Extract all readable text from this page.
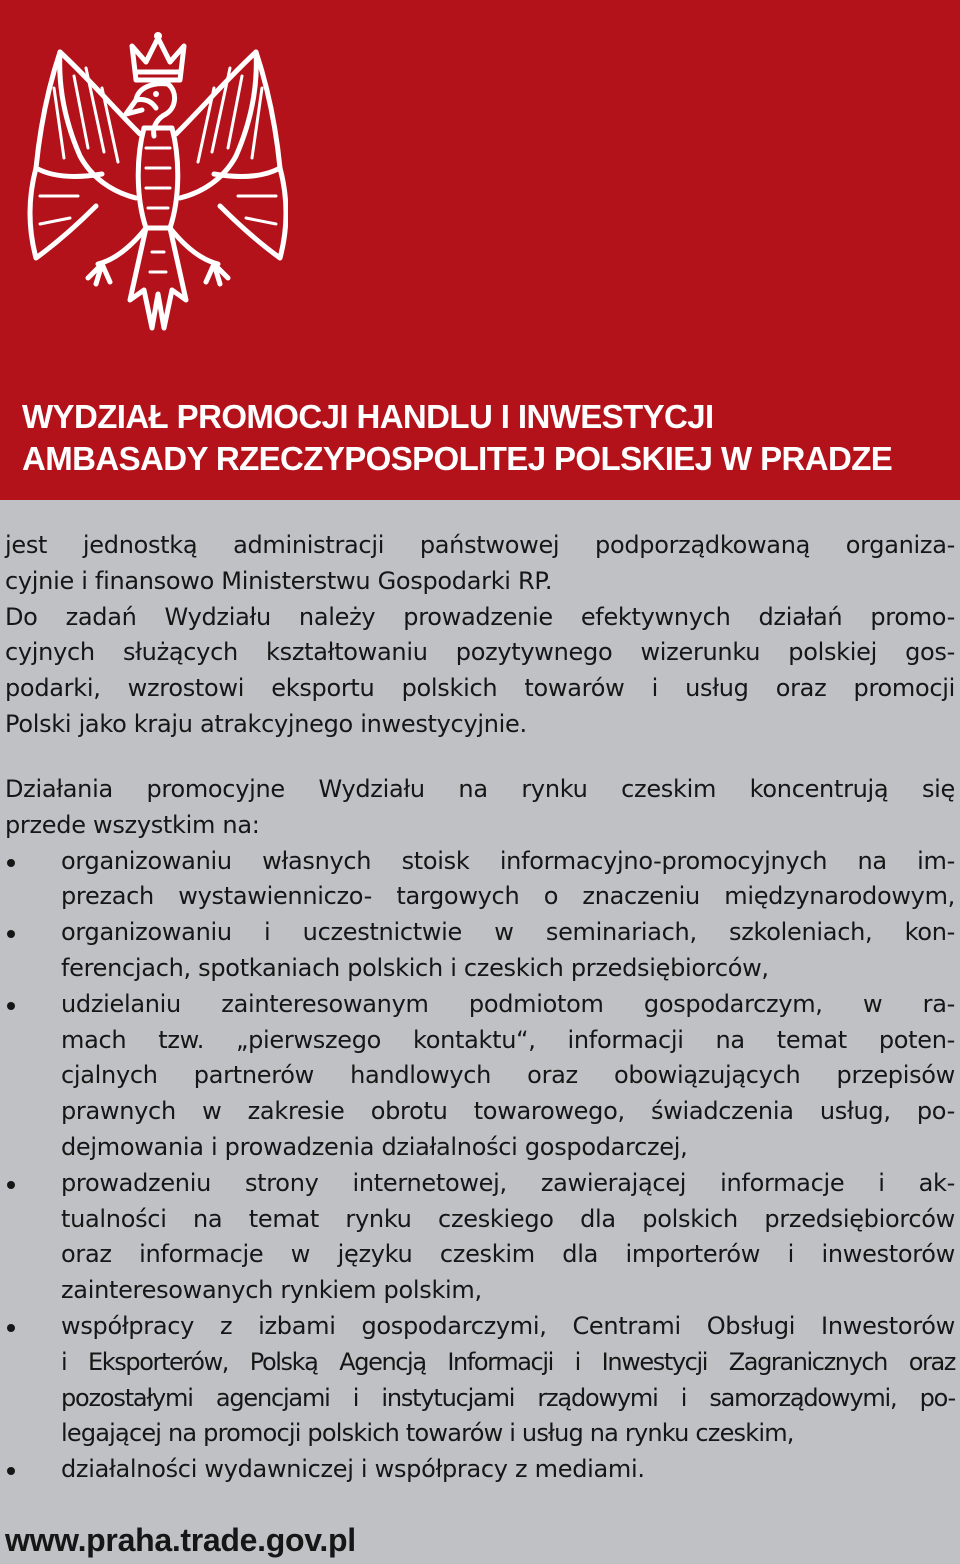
WYDZIAŁ PROMOCJI HANDLU I INWESTYCJI
AMBASADY RZECZYPOSPOLITEJ POLSKIEJ W PRADZE
jest jednostką administracji państwowej podporządkowaną organiza-
cyjnie i finansowo Ministerstwu Gospodarki RP.
Do zadań Wydziału należy prowadzenie efektywnych działań promo-
cyjnych służących kształtowaniu pozytywnego wizerunku polskiej gos-
podarki, wzrostowi eksportu polskich towarów i usług oraz promocji
Polski jako kraju atrakcyjnego inwestycyjnie.
Działania promocyjne Wydziału na rynku czeskim koncentrują się
przede wszystkim na:
organizowaniu własnych stoisk informacyjno-promocyjnych na im-
prezach wystawienniczo- targowych o znaczeniu międzynarodowym,
organizowaniu i uczestnictwie w seminariach, szkoleniach, kon-
ferencjach, spotkaniach polskich i czeskich przedsiębiorców,
udzielaniu zainteresowanym podmiotom gospodarczym, w ra-
mach tzw. „pierwszego kontaktu“, informacji na temat poten-
cjalnych partnerów handlowych oraz obowiązujących przepisów
prawnych w zakresie obrotu towarowego, świadczenia usług, po-
dejmowania i prowadzenia działalności gospodarczej,
prowadzeniu strony internetowej, zawierającej informacje i ak-
tualności na temat rynku czeskiego dla polskich przedsiębiorców
oraz informacje w języku czeskim dla importerów i inwestorów
zainteresowanych rynkiem polskim,
współpracy z izbami gospodarczymi, Centrami Obsługi Inwestorów
i Eksporterów, Polską Agencją Informacji i Inwestycji Zagranicznych oraz
pozostałymi agencjami i instytucjami rządowymi i samorządowymi, po-
legającej na promocji polskich towarów i usług na rynku czeskim,
działalności wydawniczej i współpracy z mediami.
www.praha.trade.gov.pl
